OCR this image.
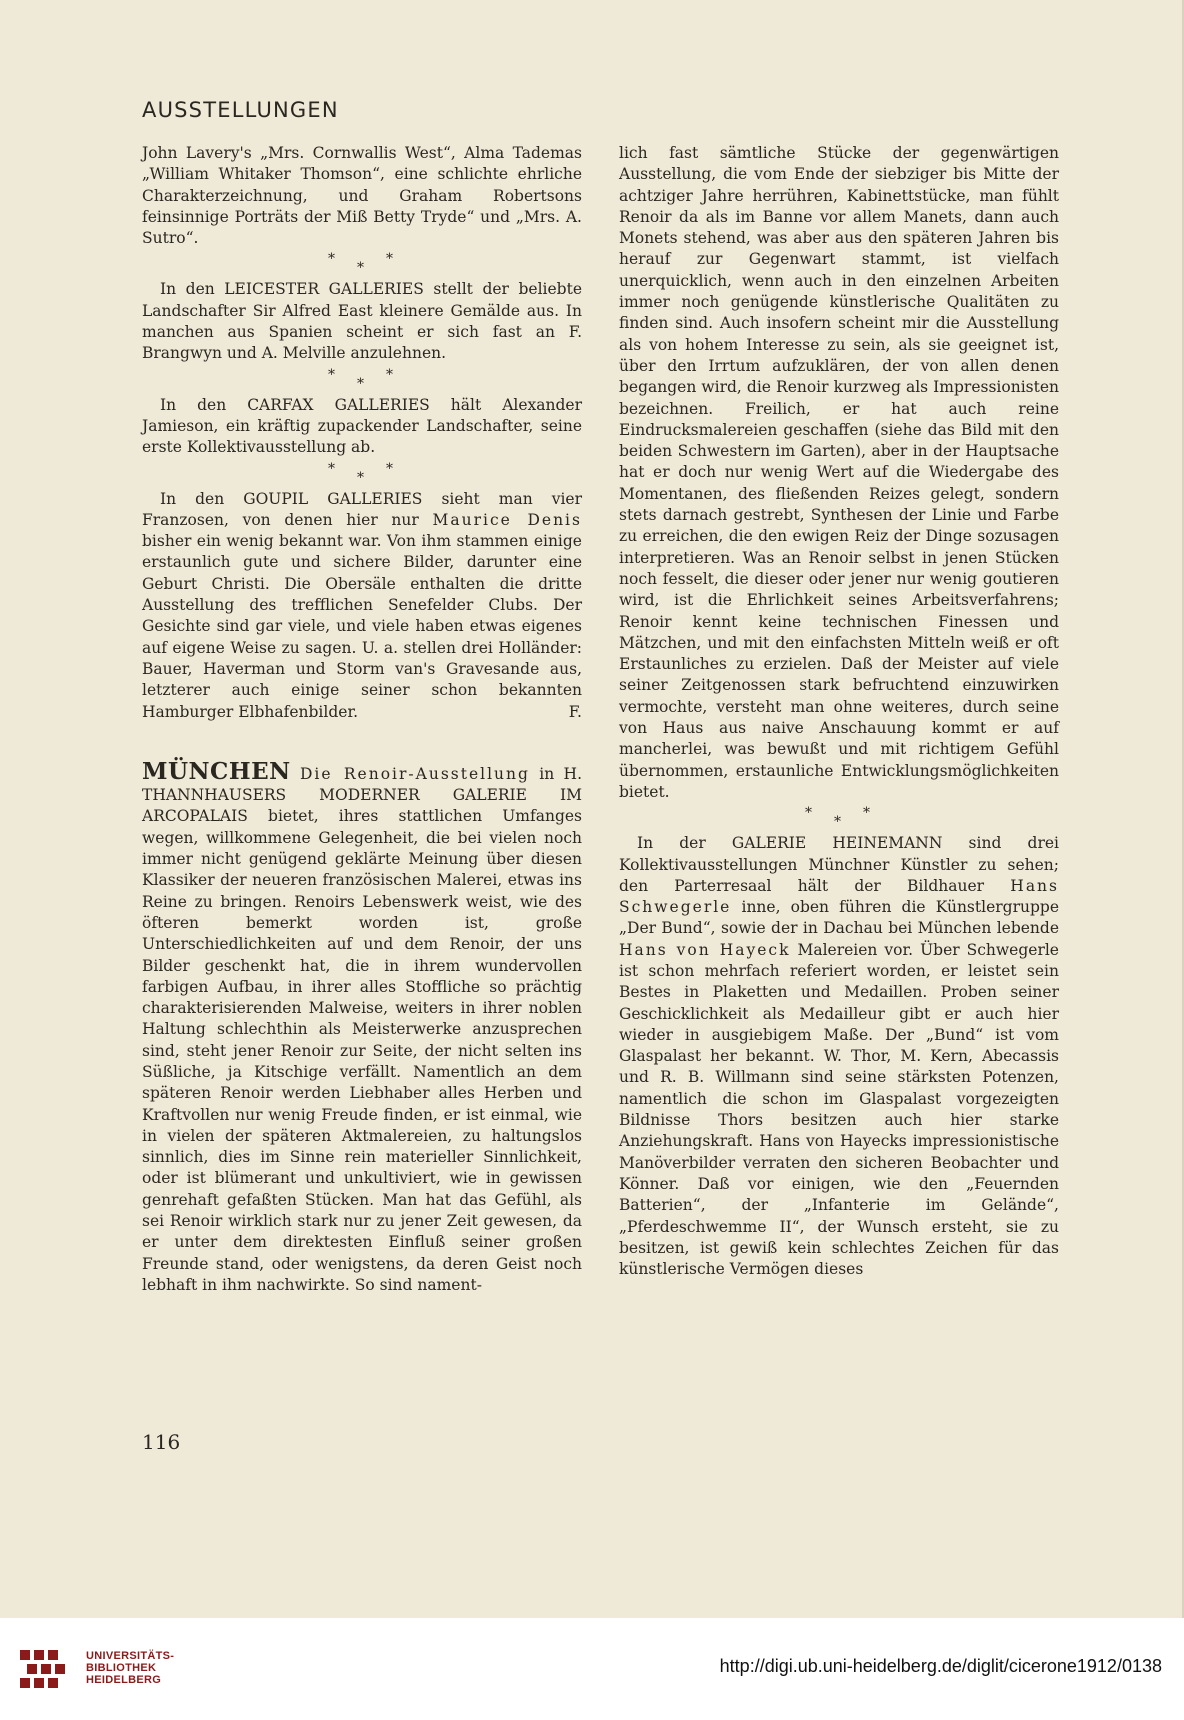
AUSSTELLUNGEN

John Lavery's „Mrs. Cornwallis West“, Alma Tademas „William Whitaker Thomson“, eine schlichte ehrliche Charakterzeichnung, und Graham Robertsons feinsinnige Porträts der Miß Betty Tryde“ und „Mrs. A. Sutro“.

*
*
*

In den LEICESTER GALLERIES stellt der beliebte Landschafter Sir Alfred East kleinere Gemälde aus. In manchen aus Spanien scheint er sich fast an F. Brangwyn und A. Melville anzulehnen.

*
*
*

In den CARFAX GALLERIES hält Alexander Jamieson, ein kräftig zupackender Landschafter, seine erste Kollektivausstellung ab.

*
*
*

In den GOUPIL GALLERIES sieht man vier Franzosen, von denen hier nur Maurice Denis bisher ein wenig bekannt war. Von ihm stammen einige erstaunlich gute und sichere Bilder, darunter eine Geburt Christi. Die Obersäle enthalten die dritte Ausstellung des trefflichen Senefelder Clubs. Der Gesichte sind gar viele, und viele haben etwas eigenes auf eigene Weise zu sagen. U. a. stellen drei Holländer: Bauer, Haverman und Storm van's Gravesande aus, letzterer auch einige seiner schon bekannten Hamburger Elbhafenbilder.	F.

MÜNCHEN Die Renoir-Ausstellung in H. THANNHAUSERS MODERNER GALERIE IM ARCOPALAIS bietet, ihres stattlichen Umfanges wegen, willkommene Gelegenheit, die bei vielen noch immer nicht genügend geklärte Meinung über diesen Klassiker der neueren französischen Malerei, etwas ins Reine zu bringen. Renoirs Lebenswerk weist, wie des öfteren bemerkt worden ist, große Unterschiedlichkeiten auf und dem Renoir, der uns Bilder geschenkt hat, die in ihrem wundervollen farbigen Aufbau, in ihrer alles Stoffliche so prächtig charakterisierenden Malweise, weiters in ihrer noblen Haltung schlechthin als Meisterwerke anzusprechen sind, steht jener Renoir zur Seite, der nicht selten ins Süßliche, ja Kitschige verfällt. Namentlich an dem späteren Renoir werden Liebhaber alles Herben und Kraftvollen nur wenig Freude finden, er ist einmal, wie in vielen der späteren Aktmalereien, zu haltungslos sinnlich, dies im Sinne rein materieller Sinnlichkeit, oder ist blümerant und unkultiviert, wie in gewissen genrehaft gefaßten Stücken. Man hat das Gefühl, als sei Renoir wirklich stark nur zu jener Zeit gewesen, da er unter dem direktesten Einfluß seiner großen Freunde stand, oder wenigstens, da deren Geist noch lebhaft in ihm nachwirkte. So sind nament-

lich fast sämtliche Stücke der gegenwärtigen Ausstellung, die vom Ende der siebziger bis Mitte der achtziger Jahre herrühren, Kabinettstücke, man fühlt Renoir da als im Banne vor allem Manets, dann auch Monets stehend, was aber aus den späteren Jahren bis herauf zur Gegenwart stammt, ist vielfach unerquicklich, wenn auch in den einzelnen Arbeiten immer noch genügende künstlerische Qualitäten zu finden sind. Auch insofern scheint mir die Ausstellung als von hohem Interesse zu sein, als sie geeignet ist, über den Irrtum aufzuklären, der von allen denen begangen wird, die Renoir kurzweg als Impressionisten bezeichnen. Freilich, er hat auch reine Eindrucksmalereien geschaffen (siehe das Bild mit den beiden Schwestern im Garten), aber in der Hauptsache hat er doch nur wenig Wert auf die Wiedergabe des Momentanen, des fließenden Reizes gelegt, sondern stets darnach gestrebt, Synthesen der Linie und Farbe zu erreichen, die den ewigen Reiz der Dinge sozusagen interpretieren. Was an Renoir selbst in jenen Stücken noch fesselt, die dieser oder jener nur wenig goutieren wird, ist die Ehrlichkeit seines Arbeitsverfahrens; Renoir kennt keine technischen Finessen und Mätzchen, und mit den einfachsten Mitteln weiß er oft Erstaunliches zu erzielen. Daß der Meister auf viele seiner Zeitgenossen stark befruchtend einzuwirken vermochte, versteht man ohne weiteres, durch seine von Haus aus naive Anschauung kommt er auf mancherlei, was bewußt und mit richtigem Gefühl übernommen, erstaunliche Entwicklungsmöglichkeiten bietet.

*
*
*

In der GALERIE HEINEMANN sind drei Kollektivausstellungen Münchner Künstler zu sehen; den Parterresaal hält der Bildhauer Hans Schwegerle inne, oben führen die Künstlergruppe „Der Bund“, sowie der in Dachau bei München lebende Hans von Hayeck Malereien vor. Über Schwegerle ist schon mehrfach referiert worden, er leistet sein Bestes in Plaketten und Medaillen. Proben seiner Geschicklichkeit als Medailleur gibt er auch hier wieder in ausgiebigem Maße. Der „Bund“ ist vom Glaspalast her bekannt. W. Thor, M. Kern, Abecassis und R. B. Willmann sind seine stärksten Potenzen, namentlich die schon im Glaspalast vorgezeigten Bildnisse Thors besitzen auch hier starke Anziehungskraft. Hans von Hayecks impressionistische Manöverbilder verraten den sicheren Beobachter und Könner. Daß vor einigen, wie den „Feuernden Batterien“, der „Infanterie im Gelände“, „Pferdeschwemme II“, der Wunsch ersteht, sie zu besitzen, ist gewiß kein schlechtes Zeichen für das künstlerische Vermögen dieses

116
UNIVERSITÄTS-
BIBLIOTHEK
HEIDELBERG
http://digi.ub.uni-heidelberg.de/diglit/cicerone1912/0138
